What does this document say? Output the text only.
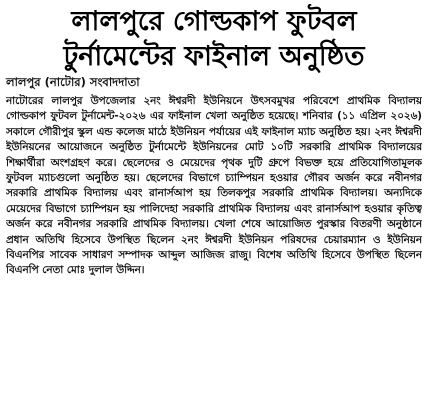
লালপুরে গোল্ডকাপ ফুটবল
টুর্নামেন্টের ফাইনাল অনুষ্ঠিত
লালপুর (নাটোর) সংবাদদাতা

নাটোরের লালপুর উপজেলার ২নং ঈশ্বরদী ইউনিয়নে উৎসবমুখর পরিবেশে প্রাথমিক বিদ্যালয় গোল্ডকাপ ফুটবল টুর্নামেন্ট-২০২৬ এর ফাইনাল খেলা অনুষ্ঠিত হয়েছে। শনিবার (১১ এপ্রিল ২০২৬) সকালে গৌরীপুর স্কুল এন্ড কলেজ মাঠে ইউনিয়ন পর্যায়ের এই ফাইনাল ম্যাচ অনুষ্ঠিত হয়। ২নং ঈশ্বরদী ইউনিয়নের আয়োজনে অনুষ্ঠিত টুর্নামেন্টে ইউনিয়নের মোট ১০টি সরকারি প্রাথমিক বিদ্যালয়ের শিক্ষার্থীরা অংশগ্রহণ করে। ছেলেদের ও মেয়েদের পৃথক দুটি গ্রুপে বিভক্ত হয়ে প্রতিযোগিতামূলক ফুটবল ম্যাচগুলো অনুষ্ঠিত হয়। ছেলেদের বিভাগে চ্যাম্পিয়ন হওয়ার গৌরব অর্জন করে নবীনগর সরকারি প্রাথমিক বিদ্যালয় এবং রানার্সআপ হয় তিলকপুর সরকারি প্রাথমিক বিদ্যালয়। অন্যদিকে মেয়েদের বিভাগে চ্যাম্পিয়ন হয় পালিদেহা সরকারি প্রাথমিক বিদ্যালয় এবং রানার্সআপ হওয়ার কৃতিত্ব অর্জন করে নবীনগর সরকারি প্রাথমিক বিদ্যালয়। খেলা শেষে আয়োজিত পুরস্কার বিতরণী অনুষ্ঠানে প্রধান অতিথি হিসেবে উপস্থিত ছিলেন ২নং ঈশ্বরদী ইউনিয়ন পরিষদের চেয়ারম্যান ও ইউনিয়ন বিএনপির সাবেক সাধারণ সম্পাদক আব্দুল আজিজ রাজু। বিশেষ অতিথি হিসেবে উপস্থিত ছিলেন বিএনপি নেতা মোঃ দুলাল উদ্দিন।
